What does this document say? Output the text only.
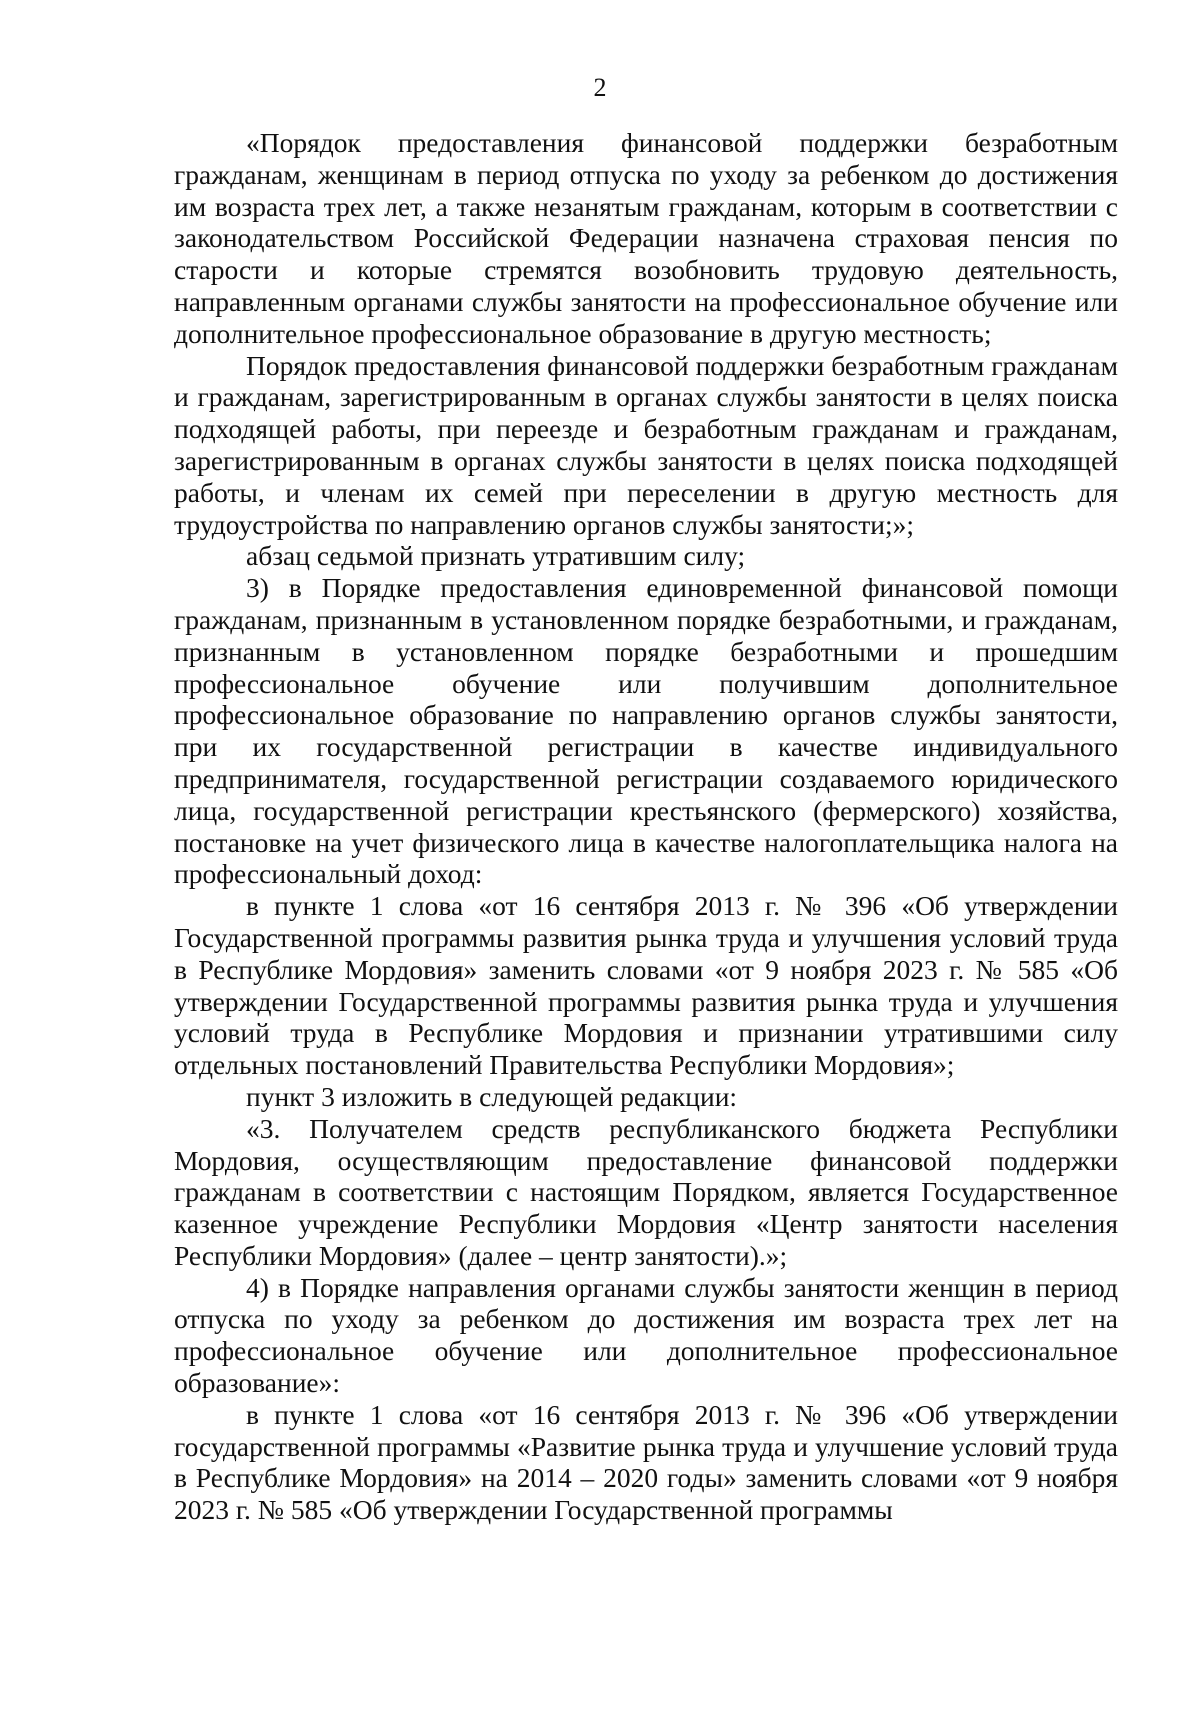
2

«Порядок предоставления финансовой поддержки безработным гражданам, женщинам в период отпуска по уходу за ребенком до достижения им возраста трех лет, а также незанятым гражданам, которым в соответствии с законодательством Российской Федерации назначена страховая пенсия по старости и которые стремятся возобновить трудовую деятельность, направленным органами службы занятости на профессиональное обучение или дополнительное профессиональное образование в другую местность;

Порядок предоставления финансовой поддержки безработным гражданам и гражданам, зарегистрированным в органах службы занятости в целях поиска подходящей работы, при переезде и безработным гражданам и гражданам, зарегистрированным в органах службы занятости в целях поиска подходящей работы, и членам их семей при переселении в другую местность для трудоустройства по направлению органов службы занятости;»;

абзац седьмой признать утратившим силу;

3) в Порядке предоставления единовременной финансовой помощи гражданам, признанным в установленном порядке безработными, и гражданам, признанным в установленном порядке безработными и прошедшим профессиональное обучение или получившим дополнительное профессиональное образование по направлению органов службы занятости, при их государственной регистрации в качестве индивидуального предпринимателя, государственной регистрации создаваемого юридического лица, государственной регистрации крестьянского (фермерского) хозяйства, постановке на учет физического лица в качестве налогоплательщика налога на профессиональный доход:

в пункте 1 слова «от 16 сентября 2013 г. № 396 «Об утверждении Государственной программы развития рынка труда и улучшения условий труда в Республике Мордовия» заменить словами «от 9 ноября 2023 г. № 585 «Об утверждении Государственной программы развития рынка труда и улучшения условий труда в Республике Мордовия и признании утратившими силу отдельных постановлений Правительства Республики Мордовия»;

пункт 3 изложить в следующей редакции:

«3. Получателем средств республиканского бюджета Республики Мордовия, осуществляющим предоставление финансовой поддержки гражданам в соответствии с настоящим Порядком, является Государственное казенное учреждение Республики Мордовия «Центр занятости населения Республики Мордовия» (далее – центр занятости).»;

4) в Порядке направления органами службы занятости женщин в период отпуска по уходу за ребенком до достижения им возраста трех лет на профессиональное обучение или дополнительное профессиональное образование»:

в пункте 1 слова «от 16 сентября 2013 г. № 396 «Об утверждении государственной программы «Развитие рынка труда и улучшение условий труда в Республике Мордовия» на 2014 – 2020 годы» заменить словами «от 9 ноября 2023 г. № 585 «Об утверждении Государственной программы
